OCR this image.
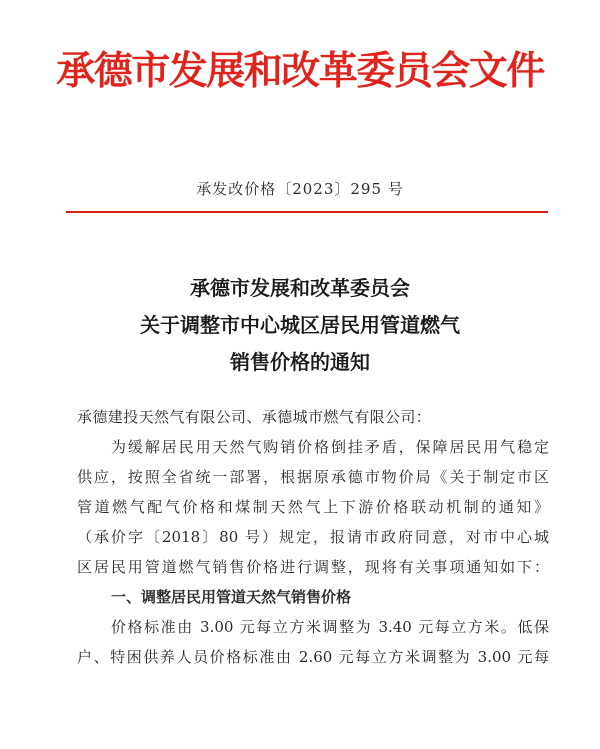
承德市发展和改革委员会文件
承发改价格〔2023〕295 号
承德市发展和改革委员会
关于调整市中心城区居民用管道燃气
销售价格的通知
承德建投天然气有限公司、承德城市燃气有限公司：
为缓解居民用天然气购销价格倒挂矛盾，保障居民用气稳定
供应，按照全省统一部署，根据原承德市物价局《关于制定市区
管道燃气配气价格和煤制天然气上下游价格联动机制的通知》
（承价字〔2018〕80 号）规定，报请市政府同意，对市中心城
区居民用管道燃气销售价格进行调整，现将有关事项通知如下：
一、调整居民用管道天然气销售价格
价格标准由 3.00 元每立方米调整为 3.40 元每立方米。低保
户、特困供养人员价格标准由 2.60 元每立方米调整为 3.00 元每
